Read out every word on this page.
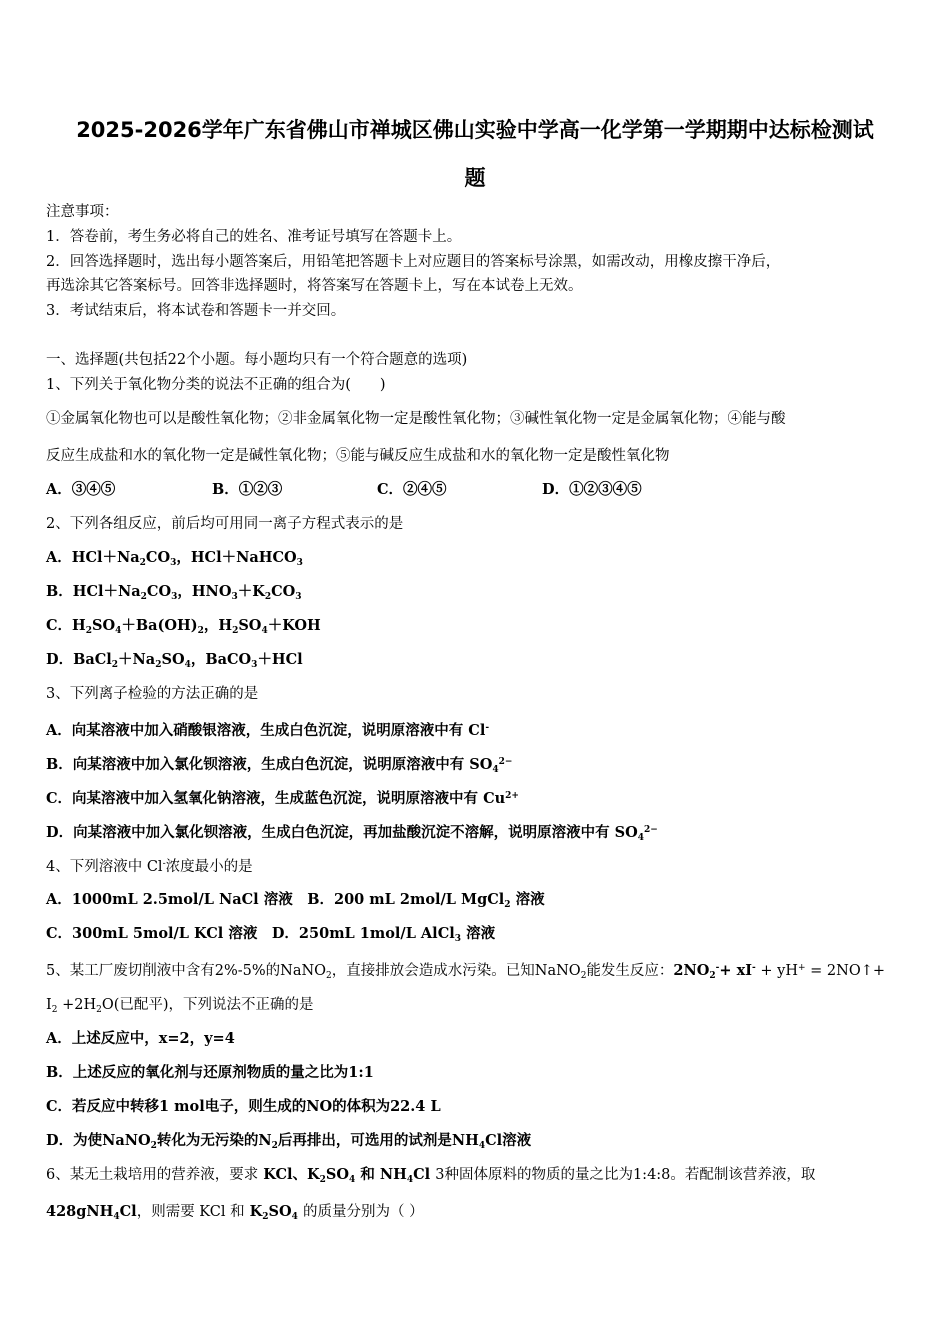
2025-2026学年广东省佛山市禅城区佛山实验中学高一化学第一学期期中达标检测试
题
注意事项：
1．答卷前，考生务必将自己的姓名、准考证号填写在答题卡上。
2．回答选择题时，选出每小题答案后，用铅笔把答题卡上对应题目的答案标号涂黑，如需改动，用橡皮擦干净后，
再选涂其它答案标号。回答非选择题时，将答案写在答题卡上，写在本试卷上无效。
3．考试结束后，将本试卷和答题卡一并交回。
一、选择题(共包括22个小题。每小题均只有一个符合题意的选项)
1、下列关于氧化物分类的说法不正确的组合为(　　)
①金属氧化物也可以是酸性氧化物；②非金属氧化物一定是酸性氧化物；③碱性氧化物一定是金属氧化物；④能与酸
反应生成盐和水的氧化物一定是碱性氧化物；⑤能与碱反应生成盐和水的氧化物一定是酸性氧化物
A．③④⑤	B．①②③	C．②④⑤	D．①②③④⑤
2、下列各组反应，前后均可用同一离子方程式表示的是
A．$HCl+Na_2CO_3$，HCl＋NaHCO$_3$
B．$HCl+Na_2CO_3$，$HNO_3+K_2CO_3$
C．$H_2SO_4+Ba(OH)_2$，$H_2SO_4+KOH$
D．$BaCl_2+Na_2SO_4$，BaCO$_3$＋HCl
3、下列离子检验的方法正确的是
A．向某溶液中加入硝酸银溶液，生成白色沉淀，说明原溶液中有 Cl-
B．向某溶液中加入氯化钡溶液，生成白色沉淀，说明原溶液中有 $SO_4^{2-}$
C．向某溶液中加入氢氧化钠溶液，生成蓝色沉淀，说明原溶液中有 $Cu^{2+}$
D．向某溶液中加入氯化钡溶液，生成白色沉淀，再加盐酸沉淀不溶解，说明原溶液中有 $SO_4^{2-}$
4、下列溶液中 Cl-浓度最小的是
A．1000mL 2.5mol/L NaCl 溶液　B．200 mL 2mol/L MgCl$_2$ 溶液
C．300mL 5mol/L KCl 溶液　D．250mL 1mol/L AlCl$_3$ 溶液
5、某工厂废切削液中含有2%-5%的NaNO$_2$，直接排放会造成水污染。已知NaNO$_2$能发生反应：$2NO_2^-+ xI^- + yH^+$ = 2NO↑+
$I_2 +2H_2O$(已配平)，下列说法不正确的是
A．上述反应中，x=2，y=4
B．上述反应的氧化剂与还原剂物质的量之比为1:1
C．若反应中转移1 mol电子，则生成的NO的体积为22.4 L
D．为使NaNO$_2$转化为无污染的$N_2$后再排出，可选用的试剂是$NH_4Cl$溶液
6、某无土栽培用的营养液，要求 KCl、$K_2SO_4$ 和 $NH_4Cl$ 3种固体原料的物质的量之比为1:4:8。若配制该营养液，取
428gNH$_4$Cl，则需要 KCl 和 $K_2SO_4$ 的质量分别为（ ）
